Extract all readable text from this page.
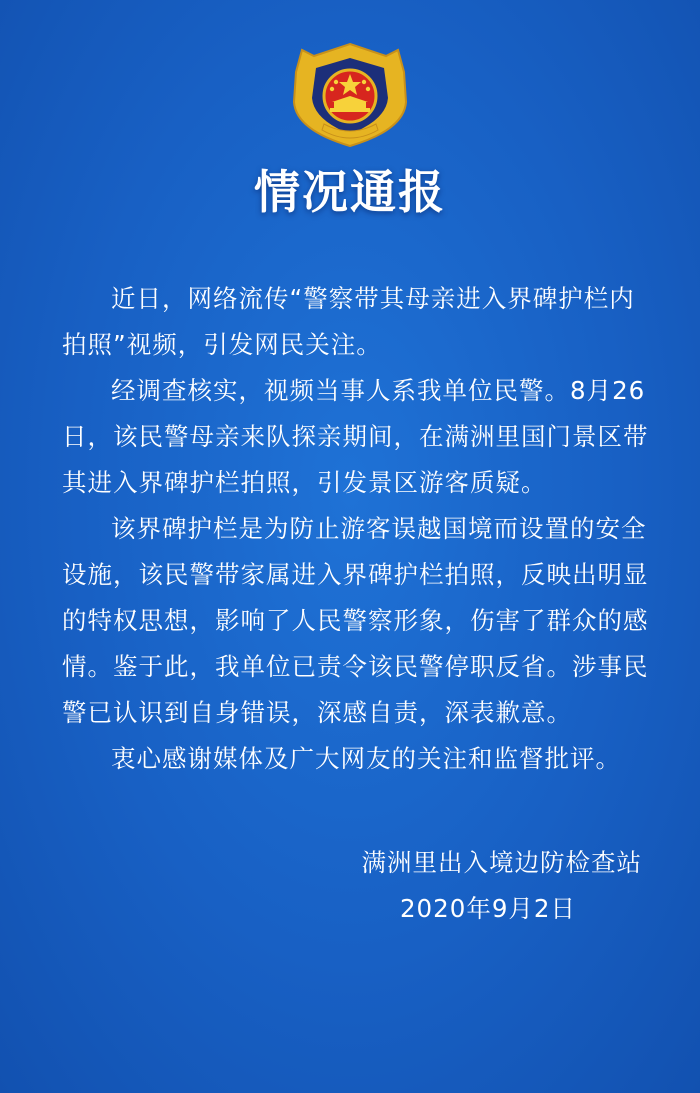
情况通报

近日，网络流传“警察带其母亲进入界碑护栏内拍照”视频，引发网民关注。

经调查核实，视频当事人系我单位民警。8月26日，该民警母亲来队探亲期间，在满洲里国门景区带其进入界碑护栏拍照，引发景区游客质疑。

该界碑护栏是为防止游客误越国境而设置的安全设施，该民警带家属进入界碑护栏拍照，反映出明显的特权思想，影响了人民警察形象，伤害了群众的感情。鉴于此，我单位已责令该民警停职反省。涉事民警已认识到自身错误，深感自责，深表歉意。

衷心感谢媒体及广大网友的关注和监督批评。

满洲里出入境边防检查站
2020年9月2日
